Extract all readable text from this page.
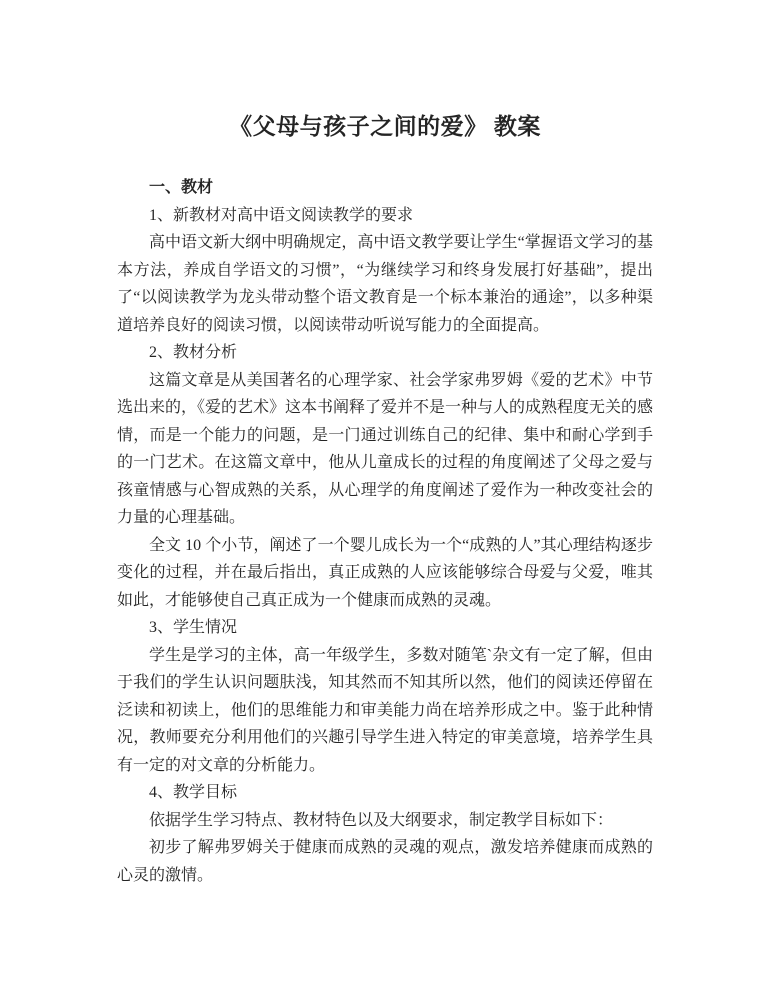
《父母与孩子之间的爱》 教案

一、教材

1、新教材对高中语文阅读教学的要求

高中语文新大纲中明确规定，高中语文教学要让学生“掌握语文学习的基本方法，养成自学语文的习惯”，“为继续学习和终身发展打好基础”，提出了“以阅读教学为龙头带动整个语文教育是一个标本兼治的通途”，以多种渠道培养良好的阅读习惯，以阅读带动听说写能力的全面提高。

2、教材分析

这篇文章是从美国著名的心理学家、社会学家弗罗姆《爱的艺术》中节选出来的，《爱的艺术》这本书阐释了爱并不是一种与人的成熟程度无关的感情，而是一个能力的问题，是一门通过训练自己的纪律、集中和耐心学到手的一门艺术。在这篇文章中，他从儿童成长的过程的角度阐述了父母之爱与孩童情感与心智成熟的关系，从心理学的角度阐述了爱作为一种改变社会的力量的心理基础。

全文 10 个小节，阐述了一个婴儿成长为一个“成熟的人”其心理结构逐步变化的过程，并在最后指出，真正成熟的人应该能够综合母爱与父爱，唯其如此，才能够使自己真正成为一个健康而成熟的灵魂。

3、学生情况

学生是学习的主体，高一年级学生，多数对随笔`杂文有一定了解，但由于我们的学生认识问题肤浅，知其然而不知其所以然，他们的阅读还停留在泛读和初读上，他们的思维能力和审美能力尚在培养形成之中。鉴于此种情况，教师要充分利用他们的兴趣引导学生进入特定的审美意境，培养学生具有一定的对文章的分析能力。

4、教学目标

依据学生学习特点、教材特色以及大纲要求，制定教学目标如下：

初步了解弗罗姆关于健康而成熟的灵魂的观点，激发培养健康而成熟的心灵的激情。
